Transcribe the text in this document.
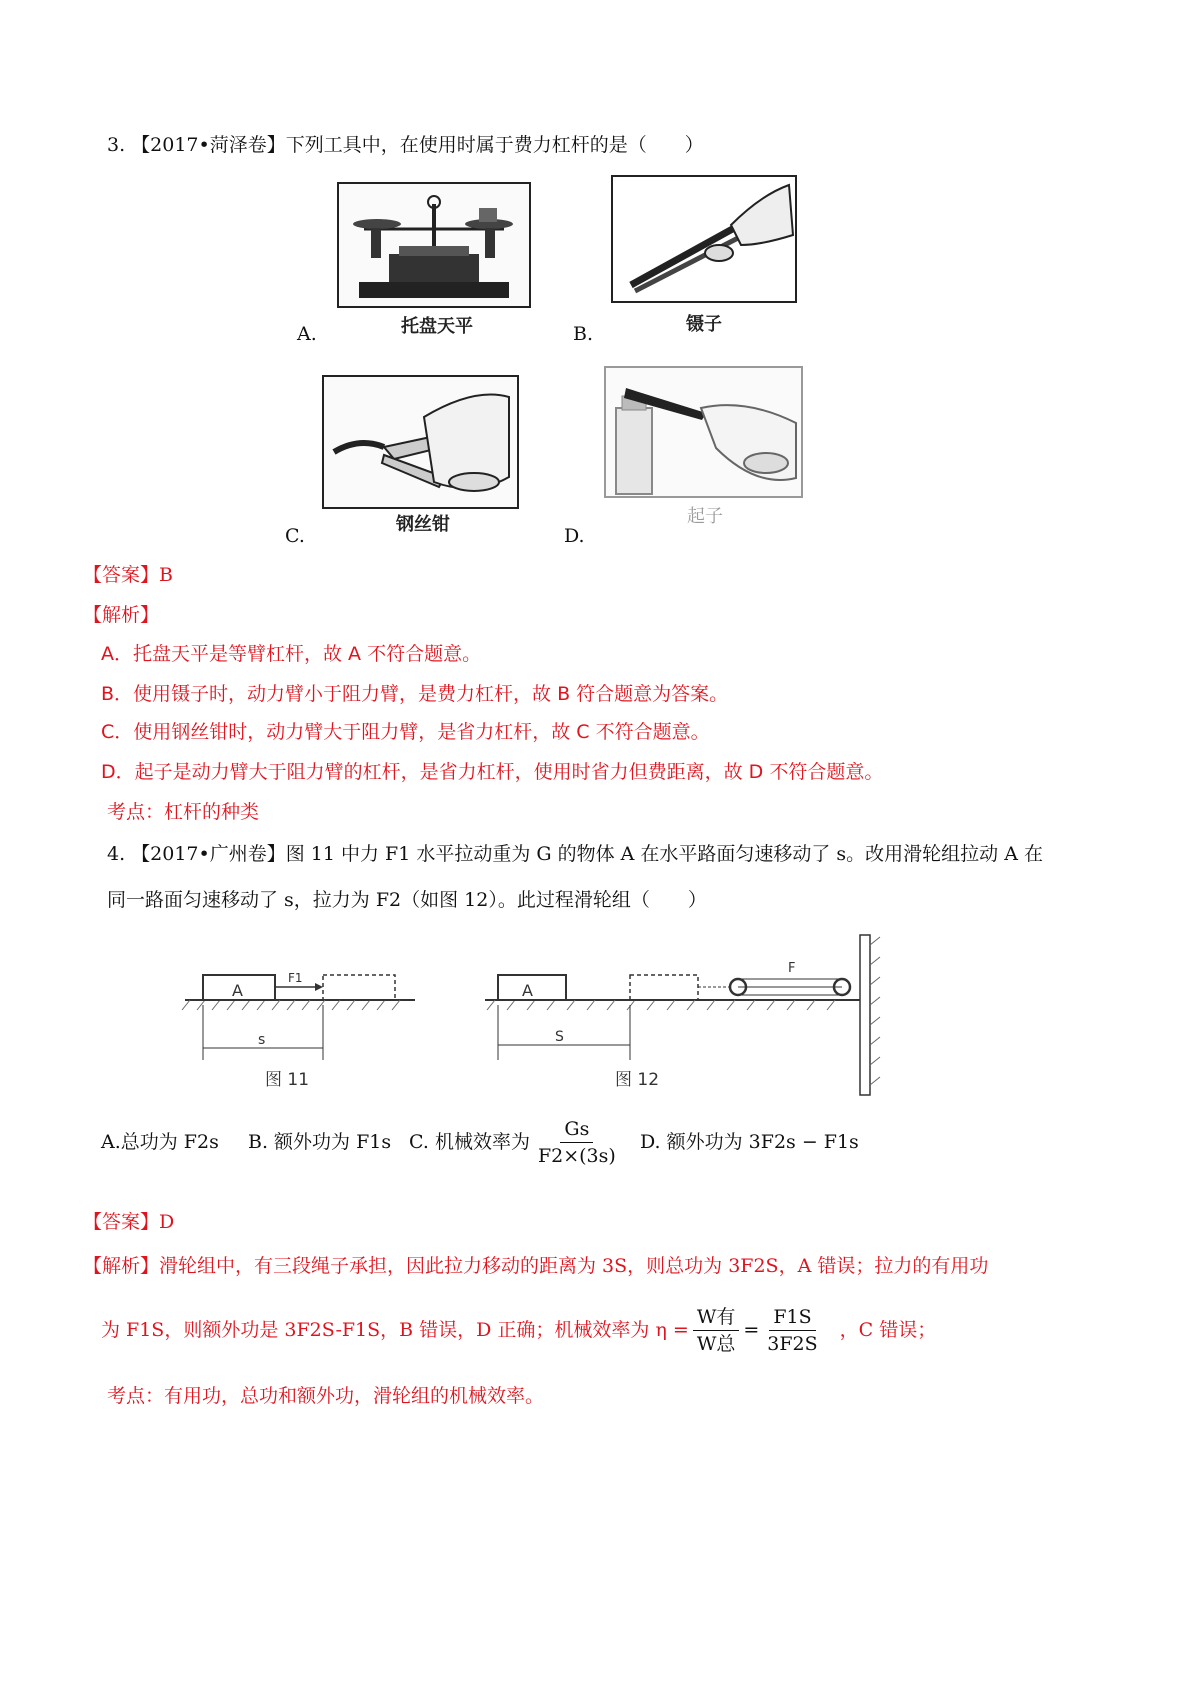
3. 【2017•菏泽卷】下列工具中，在使用时属于费力杠杆的是（　　）
托盘天平
A.	镊子
B.
钢丝钳
C.
起子
D.
【答案】B
【解析】
A．托盘天平是等臂杠杆，故 A 不符合题意。
B．使用镊子时，动力臂小于阻力臂，是费力杠杆，故 B 符合题意为答案。
C．使用钢丝钳时，动力臂大于阻力臂，是省力杠杆，故 C 不符合题意。
D．起子是动力臂大于阻力臂的杠杆，是省力杠杆，使用时省力但费距离，故 D 不符合题意。
考点：杠杆的种类
4. 【2017•广州卷】图 11 中力 F1 水平拉动重为 G 的物体 A 在水平路面匀速移动了 s。改用滑轮组拉动 A 在
同一路面匀速移动了 s，拉力为 F2（如图 12）。此过程滑轮组（　　）
A
F1
s
图 11
A
F
S
图 12
A.总功为 F2s B. 额外功为 F1s C. 机械效率为 $\frac{Gs}{F2\times(3s)} D$. 额外功为 3F2s − F1s
【答案】D
【解析】滑轮组中，有三段绳子承担，因此拉力移动的距离为 3S，则总功为 3F2S，A 错误；拉力的有用功
为 F1S，则额外功是 3F2S-F1S，B 错误，D 正确；机械效率为 $\eta = \frac{\text{W有}}{\text{W总}} = \frac{F1S}{3F2S}$ ，C 错误；
考点：有用功，总功和额外功，滑轮组的机械效率。
